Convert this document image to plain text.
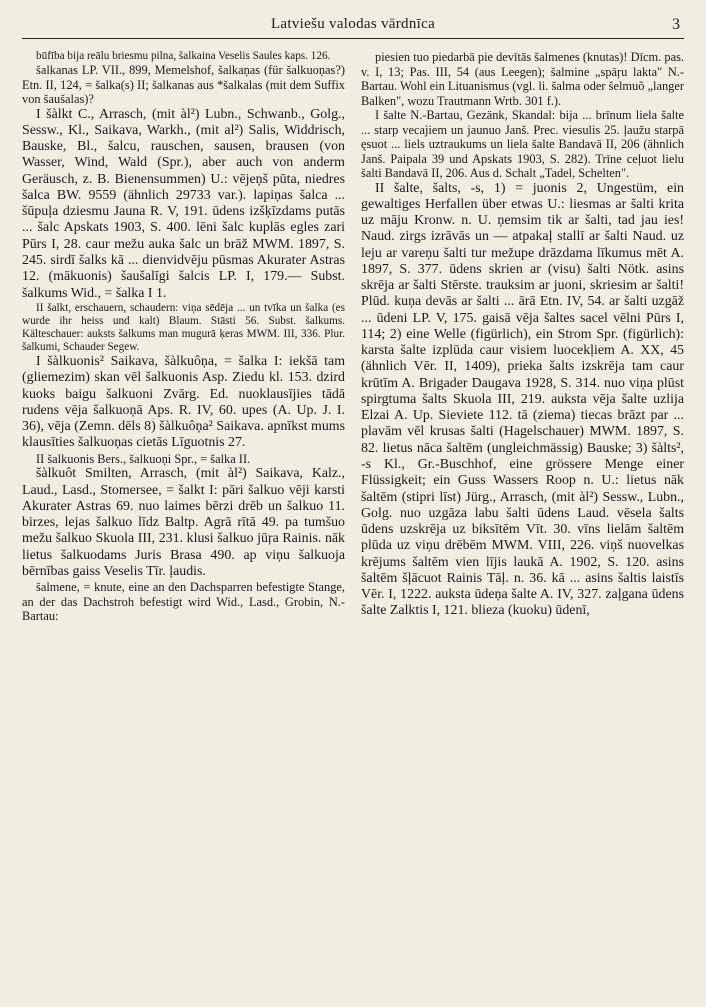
Latviešu valodas vārdnīca	3

būfība bija reālu briesmu pilna, šalkaina Veselis Saules kaps. 126.

šalkanas LP. VII., 899, Memelshof, šalkaņas (für šalkuoņas?) Etn. II, 124, = šalka(s) II; šalkanas aus *šalkalas (mit dem Suffix von šaušalas)?

I šàlkt C., Arrasch, (mit àl²) Lubn., Schwanb., Golg., Sessw., Kl., Saikava, Warkh., (mit al²) Salis, Widdrisch, Bauske, Bl., šalcu, rauschen, sausen, brausen (von Wasser, Wind, Wald (Spr.), aber auch von anderm Geräusch, z. B. Bienensummen) U.: vējeņš pūta, niedres šalca BW. 9559 (ähnlich 29733 var.). lapiņas šalca ... šūpuļa dziesmu Jauna R. V, 191. ūdens izšķīzdams putās ... šalc Apskats 1903, S. 400. lēni šalc kuplās egles zari Pūrs I, 28. caur mežu auka šalc un brāž MWM. 1897, S. 245. sirdī šalks kā ... dienvidvēju pūsmas Akurater Astras 12. (mākuonis) šaušalīgi šalcis LP. I, 179.— Subst. šalkums Wid., = šalka I 1.

II šalkt, erschauern, schaudern: viņa sēdēja ... un tvīka un šalka (es wurde ihr heiss und kalt) Blaum. Stāsti 56. Subst. šalkums. Kälteschauer: auksts šalkums man mugurā ķeras MWM. III, 336. Plur. šalkumi, Schauder Segew.

I šàlkuonis² Saikava, šàlkuôņa, = šalka I: iekšā tam (gliemezim) skan vēl šalkuonis Asp. Ziedu kl. 153. dzird kuoks baigu šalkuoni Zvārg. Ed. nuoklausījies tādā rudens vēja šalkuoņā Aps. R. IV, 60. upes (A. Up. J. I. 36), vēja (Zemn. dēls 8) šàlkuôņa² Saikava. apnīkst mums klausīties šalkuoņas cietās Līguotnis 27.

II šalkuonis Bers., šalkuoņi Spr., = šalka II.

šàlkuôt Smilten, Arrasch, (mit àl²) Saikava, Kalz., Laud., Lasd., Stomersee, = šalkt I: pāri šalkuo vēji karsti Akurater Astras 69. nuo laimes bērzi drēb un šalkuo 11. birzes, lejas šalkuo līdz Baltp. Agrā rītā 49. pa tumšuo mežu šalkuo Skuola III, 231. klusi šalkuo jūŗa Rainis. nāk lietus šalkuodams Juris Brasa 490. ap viņu šalkuoja bērnības gaiss Veselis Tīr. ļaudis.

šalmene, = knute, eine an den Dachsparren befestigte Stange, an der das Dachstroh befestigt wird Wid., Lasd., Grobin, N.-Bartau:

piesien tuo piedarbā pie devītās šalmenes (knutas)! Dīcm. pas. v. I, 13; Pas. III, 54 (aus Leegen); šalmine „spāŗu lakta" N.-Bartau. Wohl ein Lituanismus (vgl. li. šalma oder šelmuõ „langer Balken", wozu Trautmann Wrtb. 301 f.).

I šalte N.-Bartau, Gezänk, Skandal: bija ... brīnum liela šalte ... starp vecajiem un jaunuo Janš. Prec. viesulis 25. ļaužu starpā ęsuot ... liels uztraukums un liela šalte Bandavā II, 206 (ähnlich Janš. Paipala 39 und Apskats 1903, S. 282). Trīne ceļuot lielu šalti Bandavā II, 206. Aus d. Schalt „Tadel, Schelten".

II šalte, šalts, -s, 1) = juonis 2, Ungestüm, ein gewaltiges Herfallen über etwas U.: liesmas ar šalti krita uz māju Kronw. n. U. ņemsim tik ar šalti, tad jau ies! Naud. zirgs izrāvās un — atpakaļ stallī ar šalti Naud. uz leju ar vareņu šalti tur mežupe drāzdama līkumus mēt A. 1897, S. 377. ūdens skrien ar (visu) šalti Nötk. asins skrēja ar šalti Stērste. trauksim ar juoni, skriesim ar šalti! Plūd. kuņa devās ar šalti ... ārā Etn. IV, 54. ar šalti uzgāž ... ūdeni LP. V, 175. gaisā vēja šaltes sacel vēlni Pūrs I, 114; 2) eine Welle (figürlich), ein Strom Spr. (figürlich): karsta šalte izplūda caur visiem luocekļiem A. XX, 45 (ähnlich Vēr. II, 1409), prieka šalts izskrēja tam caur krūtīm A. Brigader Daugava 1928, S. 314. nuo viņa plūst spirgtuma šalts Skuola III, 219. auksta vēja šalte uzlija Elzai A. Up. Sieviete 112. tā (ziema) tiecas brāzt par ... plavām vēl krusas šalti (Hagelschauer) MWM. 1897, S. 82. lietus nāca šaltēm (ungleichmässig) Bauske; 3) šàlts², -s Kl., Gr.-Buschhof, eine grössere Menge einer Flüssigkeit; ein Guss Wassers Roop n. U.: lietus nāk šaltēm (stipri līst) Jürg., Arrasch, (mit àl²) Sessw., Lubn., Golg. nuo uzgāza labu šalti ūdens Laud. vēsela šalts ūdens uzskrēja uz biksītēm Vīt. 30. vīns lielām šaltēm plūda uz viņu drēbēm MWM. VIII, 226. viņš nuovelkas krējums šaltēm vien lījis laukā A. 1902, S. 120. asins šaltēm šļācuot Rainis Tāļ. n. 36. kā ... asins šaltis laistīs Vēr. I, 1222. auksta ūdeņa šalte A. IV, 327. zaļgana ūdens šalte Zalktis I, 121. blieza (kuoku) ūdenī,
